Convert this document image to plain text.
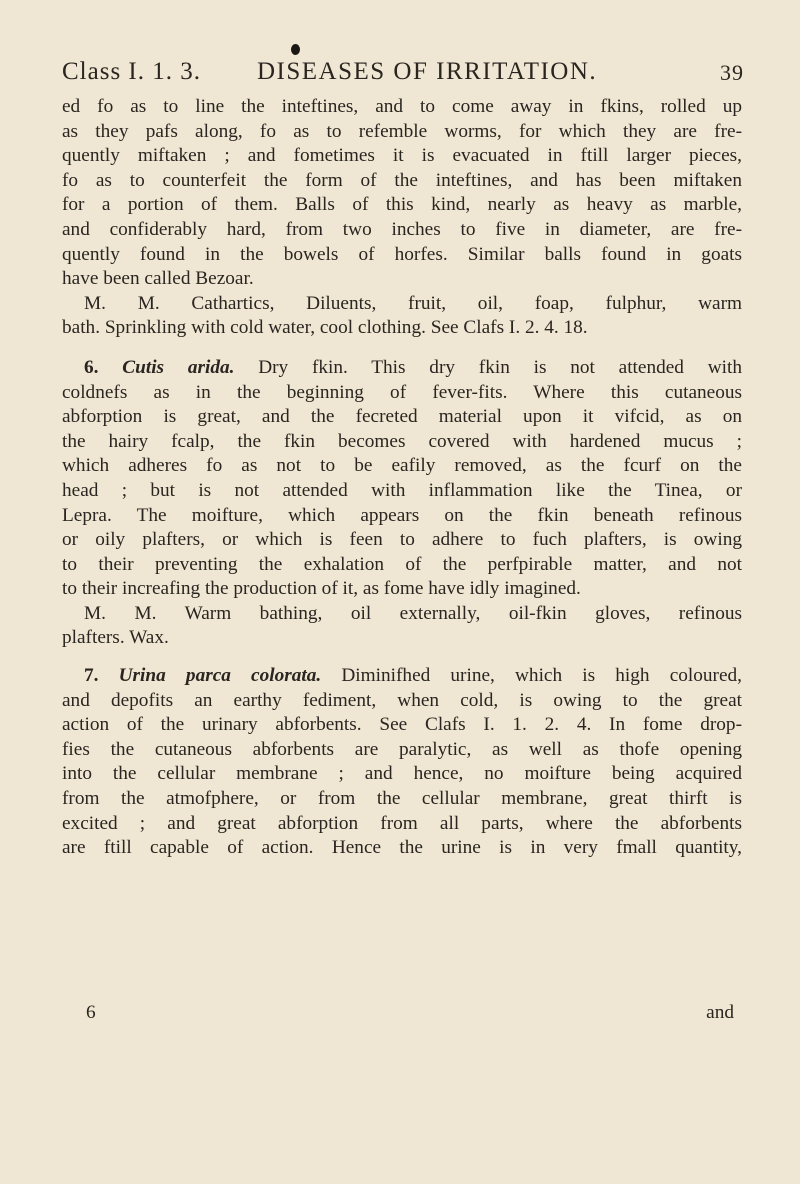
Class I. 1. 3. DISEASES OF IRRITATION.	39

ed fo as to line the inteftines, and to come away in fkins, rolled up
as they pafs along, fo as to refemble worms, for which they are fre-
quently miftaken ; and fometimes it is evacuated in ftill larger pieces,
fo as to counterfeit the form of the inteftines, and has been miftaken
for a portion of them. Balls of this kind, nearly as heavy as marble,
and confiderably hard, from two inches to five in diameter, are fre-
quently found in the bowels of horfes. Similar balls found in goats
have been called Bezoar.

M. M. Cathartics, Diluents, fruit, oil, foap, fulphur, warm
bath. Sprinkling with cold water, cool clothing. See Clafs I. 2. 4. 18.

6. Cutis arida. Dry fkin. This dry fkin is not attended with
coldnefs as in the beginning of fever-fits. Where this cutaneous
abforption is great, and the fecreted material upon it vifcid, as on
the hairy fcalp, the fkin becomes covered with hardened mucus ;
which adheres fo as not to be eafily removed, as the fcurf on the
head ; but is not attended with inflammation like the Tinea, or
Lepra. The moifture, which appears on the fkin beneath refinous
or oily plafters, or which is feen to adhere to fuch plafters, is owing
to their preventing the exhalation of the perfpirable matter, and not
to their increafing the production of it, as fome have idly imagined.

M. M. Warm bathing, oil externally, oil-fkin gloves, refinous
plafters. Wax.

7. Urina parca colorata. Diminifhed urine, which is high coloured,
and depofits an earthy fediment, when cold, is owing to the great
action of the urinary abforbents. See Clafs I. 1. 2. 4. In fome drop-
fies the cutaneous abforbents are paralytic, as well as thofe opening
into the cellular membrane ; and hence, no moifture being acquired
from the atmofphere, or from the cellular membrane, great thirft is
excited ; and great abforption from all parts, where the abforbents
are ftill capable of action. Hence the urine is in very fmall quantity,

6	and
